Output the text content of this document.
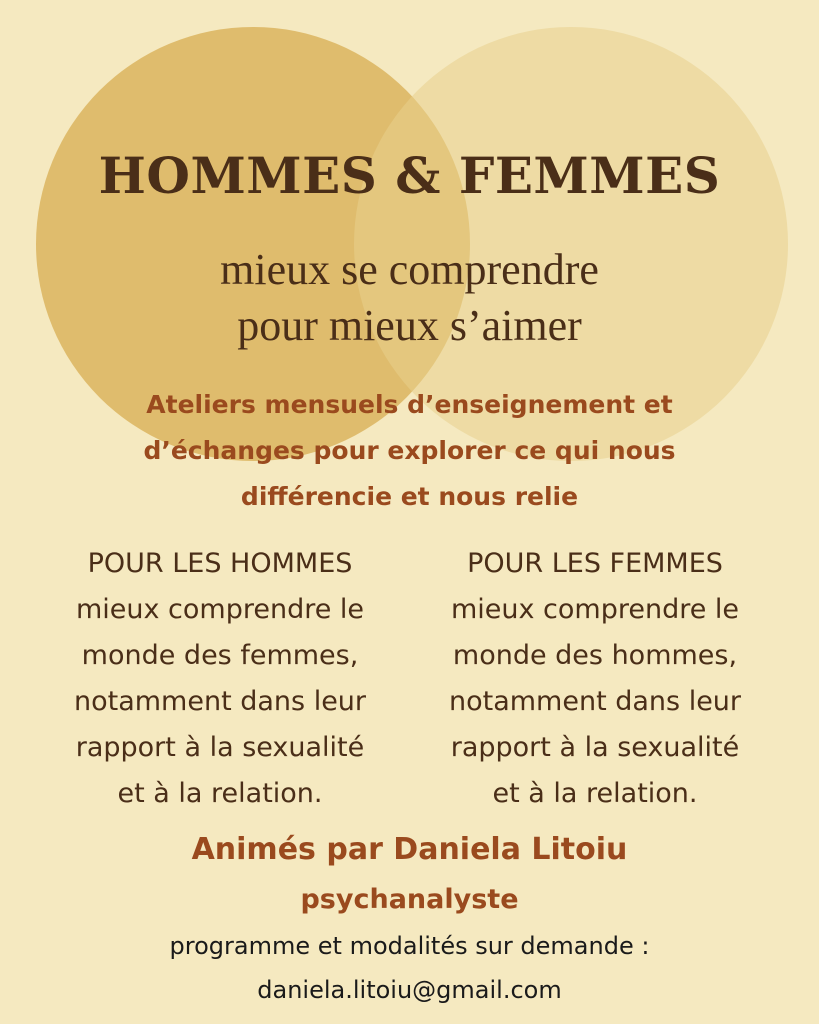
HOMMES & FEMMES
mieux se comprendre
pour mieux s’aimer
Ateliers mensuels d’enseignement et
d’échanges pour explorer ce qui nous
différencie et nous relie
POUR LES HOMMES
mieux comprendre le
monde des femmes,
notamment dans leur
rapport à la sexualité
et à la relation.
POUR LES FEMMES
mieux comprendre le
monde des hommes,
notamment dans leur
rapport à la sexualité
et à la relation.
Animés par Daniela Litoiu
psychanalyste
programme et modalités sur demande :
daniela.litoiu@gmail.com
